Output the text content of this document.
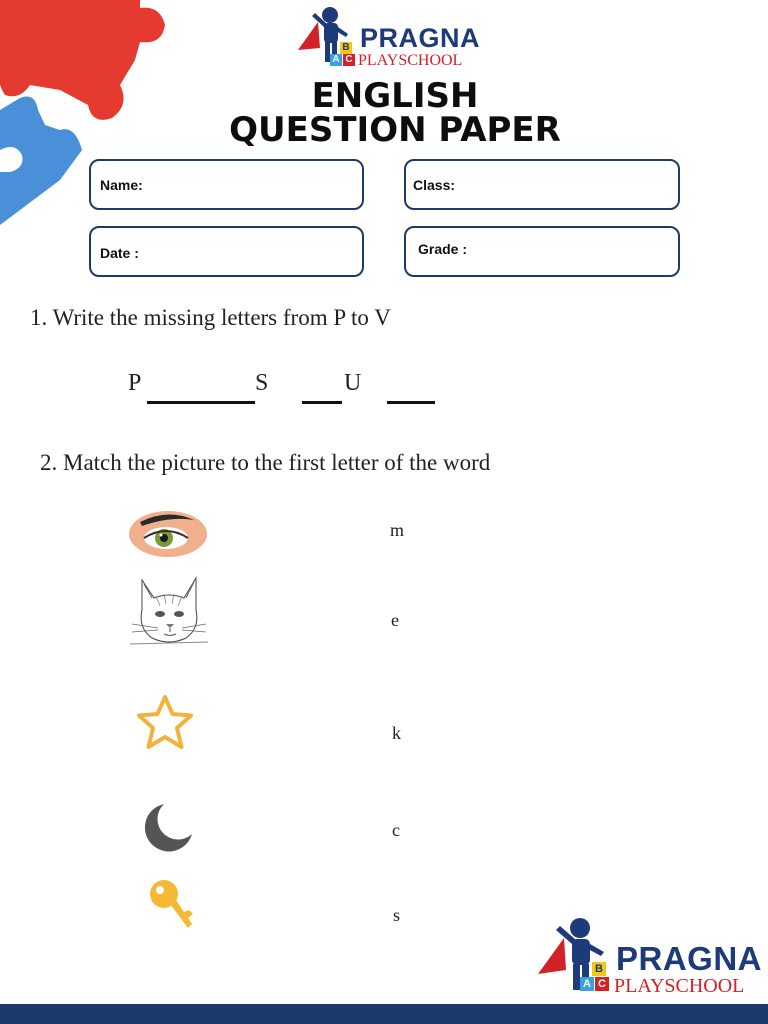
B
A C
PRAGNA
PLAYSCHOOL
ENGLISH
QUESTION PAPER
Name:	Class:
Date :	Grade :
1. Write the missing letters from P to V
P	S	U
2. Match the picture to the first letter of the word
m
e
k
c
s
B
A C
PRAGNA
PLAYSCHOOL
